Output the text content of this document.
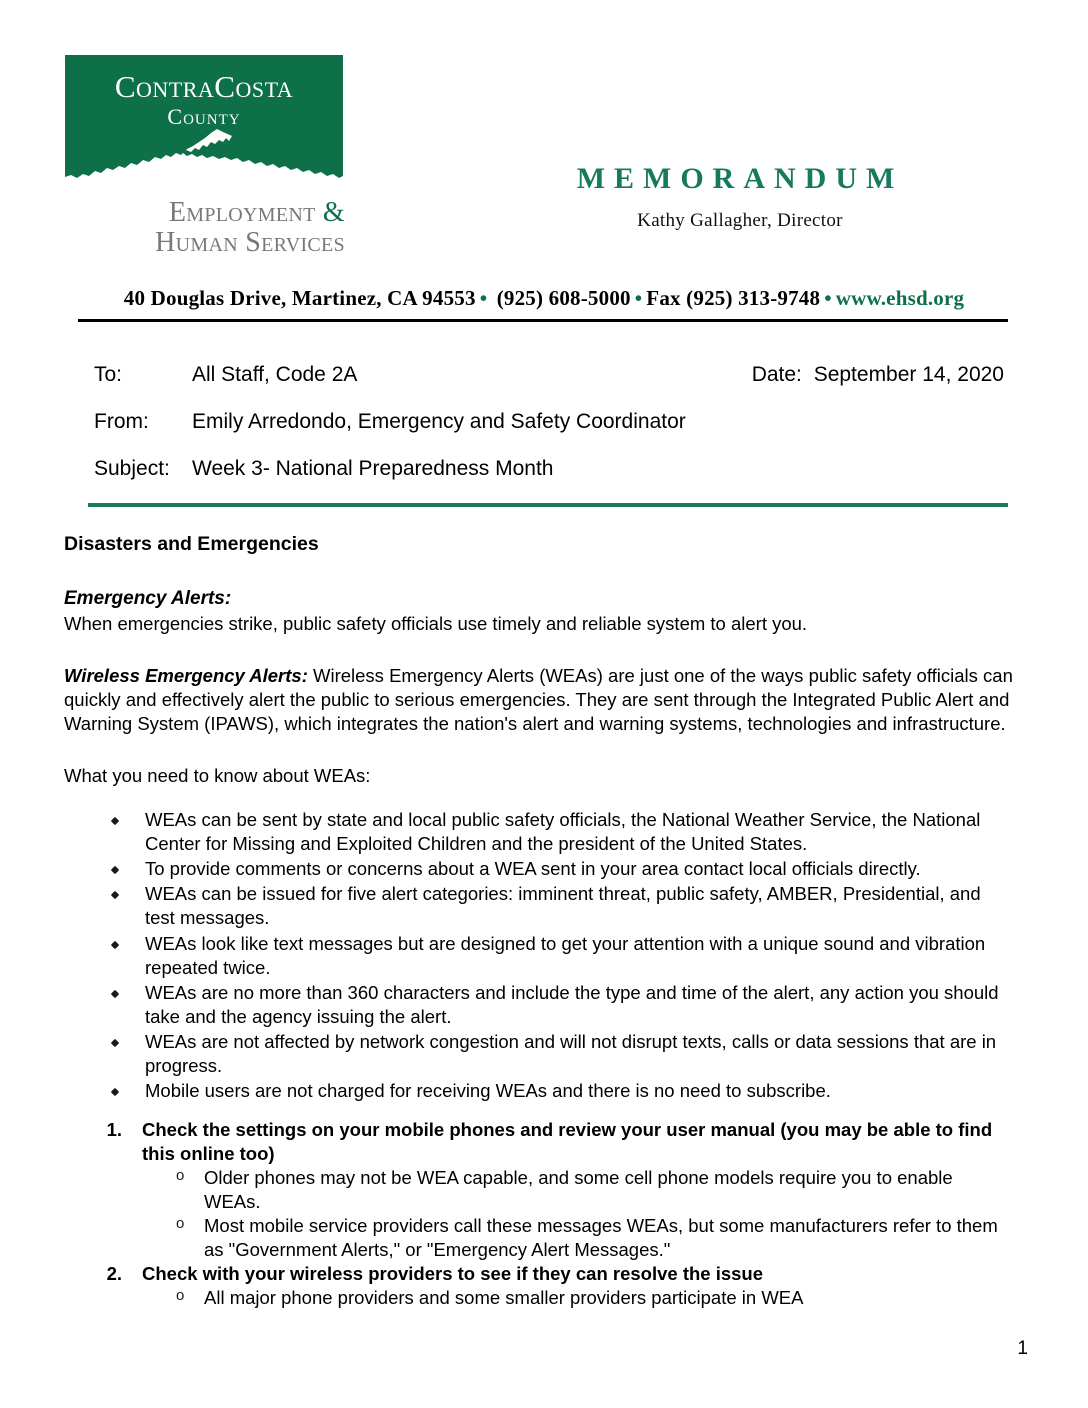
ContraCosta
County
Employment &
Human Services
MEMORANDUM
Kathy Gallagher, Director
40 Douglas Drive, Martinez, CA 94553 • (925) 608-5000 • Fax (925) 313-9748 • www.ehsd.org
To:	All Staff, Code 2A	Date: September 14, 2020
From:	Emily Arredondo, Emergency and Safety Coordinator
Subject:	Week 3- National Preparedness Month
Disasters and Emergencies
Emergency Alerts:

When emergencies strike, public safety officials use timely and reliable system to alert you.

Wireless Emergency Alerts: Wireless Emergency Alerts (WEAs) are just one of the ways public safety officials can quickly and effectively alert the public to serious emergencies. They are sent through the Integrated Public Alert and Warning System (IPAWS), which integrates the nation's alert and warning systems, technologies and infrastructure.

What you need to know about WEAs:

WEAs can be sent by state and local public safety officials, the National Weather Service, the National Center for Missing and Exploited Children and the president of the United States.
To provide comments or concerns about a WEA sent in your area contact local officials directly.
WEAs can be issued for five alert categories: imminent threat, public safety, AMBER, Presidential, and test messages.
WEAs look like text messages but are designed to get your attention with a unique sound and vibration repeated twice.
WEAs are no more than 360 characters and include the type and time of the alert, any action you should take and the agency issuing the alert.
WEAs are not affected by network congestion and will not disrupt texts, calls or data sessions that are in progress.
Mobile users are not charged for receiving WEAs and there is no need to subscribe.
Check the settings on your mobile phones and review your user manual (you may be able to find this online too)
o Older phones may not be WEA capable, and some cell phone models require you to enable WEAs.
o Most mobile service providers call these messages WEAs, but some manufacturers refer to them as "Government Alerts," or "Emergency Alert Messages."
Check with your wireless providers to see if they can resolve the issue
o All major phone providers and some smaller providers participate in WEA
1
